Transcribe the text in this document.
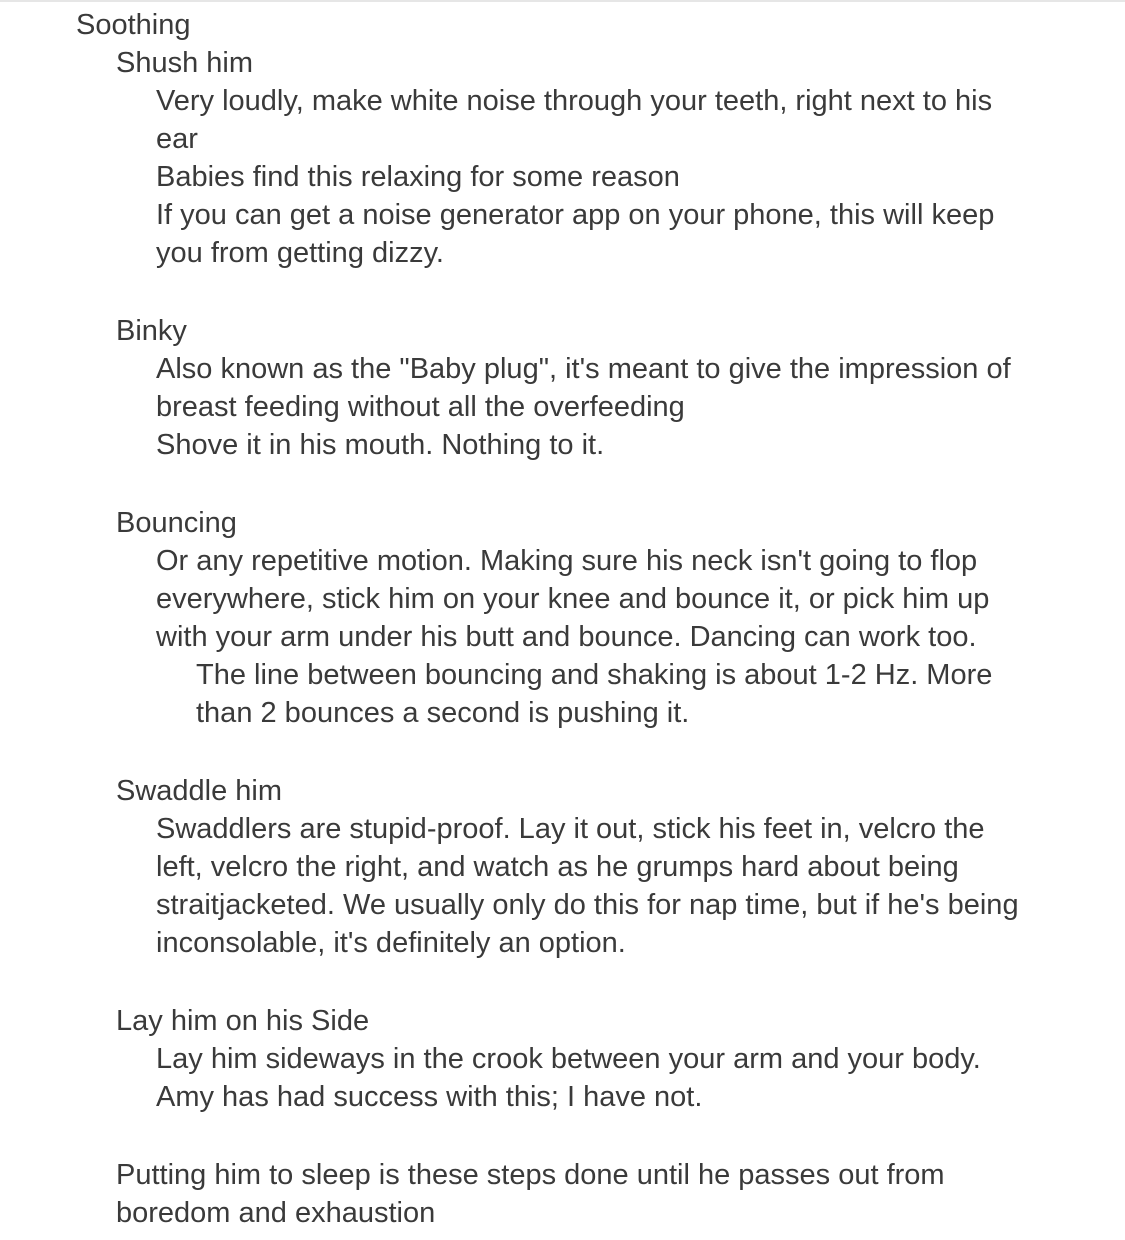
Soothing
Shush him
Very loudly, make white noise through your teeth, right next to his
ear
Babies find this relaxing for some reason
If you can get a noise generator app on your phone, this will keep
you from getting dizzy.
Binky
Also known as the "Baby plug", it's meant to give the impression of
breast feeding without all the overfeeding
Shove it in his mouth. Nothing to it.
Bouncing
Or any repetitive motion. Making sure his neck isn't going to flop
everywhere, stick him on your knee and bounce it, or pick him up
with your arm under his butt and bounce. Dancing can work too.
The line between bouncing and shaking is about 1-2 Hz. More
than 2 bounces a second is pushing it.
Swaddle him
Swaddlers are stupid-proof. Lay it out, stick his feet in, velcro the
left, velcro the right, and watch as he grumps hard about being
straitjacketed. We usually only do this for nap time, but if he's being
inconsolable, it's definitely an option.
Lay him on his Side
Lay him sideways in the crook between your arm and your body.
Amy has had success with this; I have not.
Putting him to sleep is these steps done until he passes out from
boredom and exhaustion
